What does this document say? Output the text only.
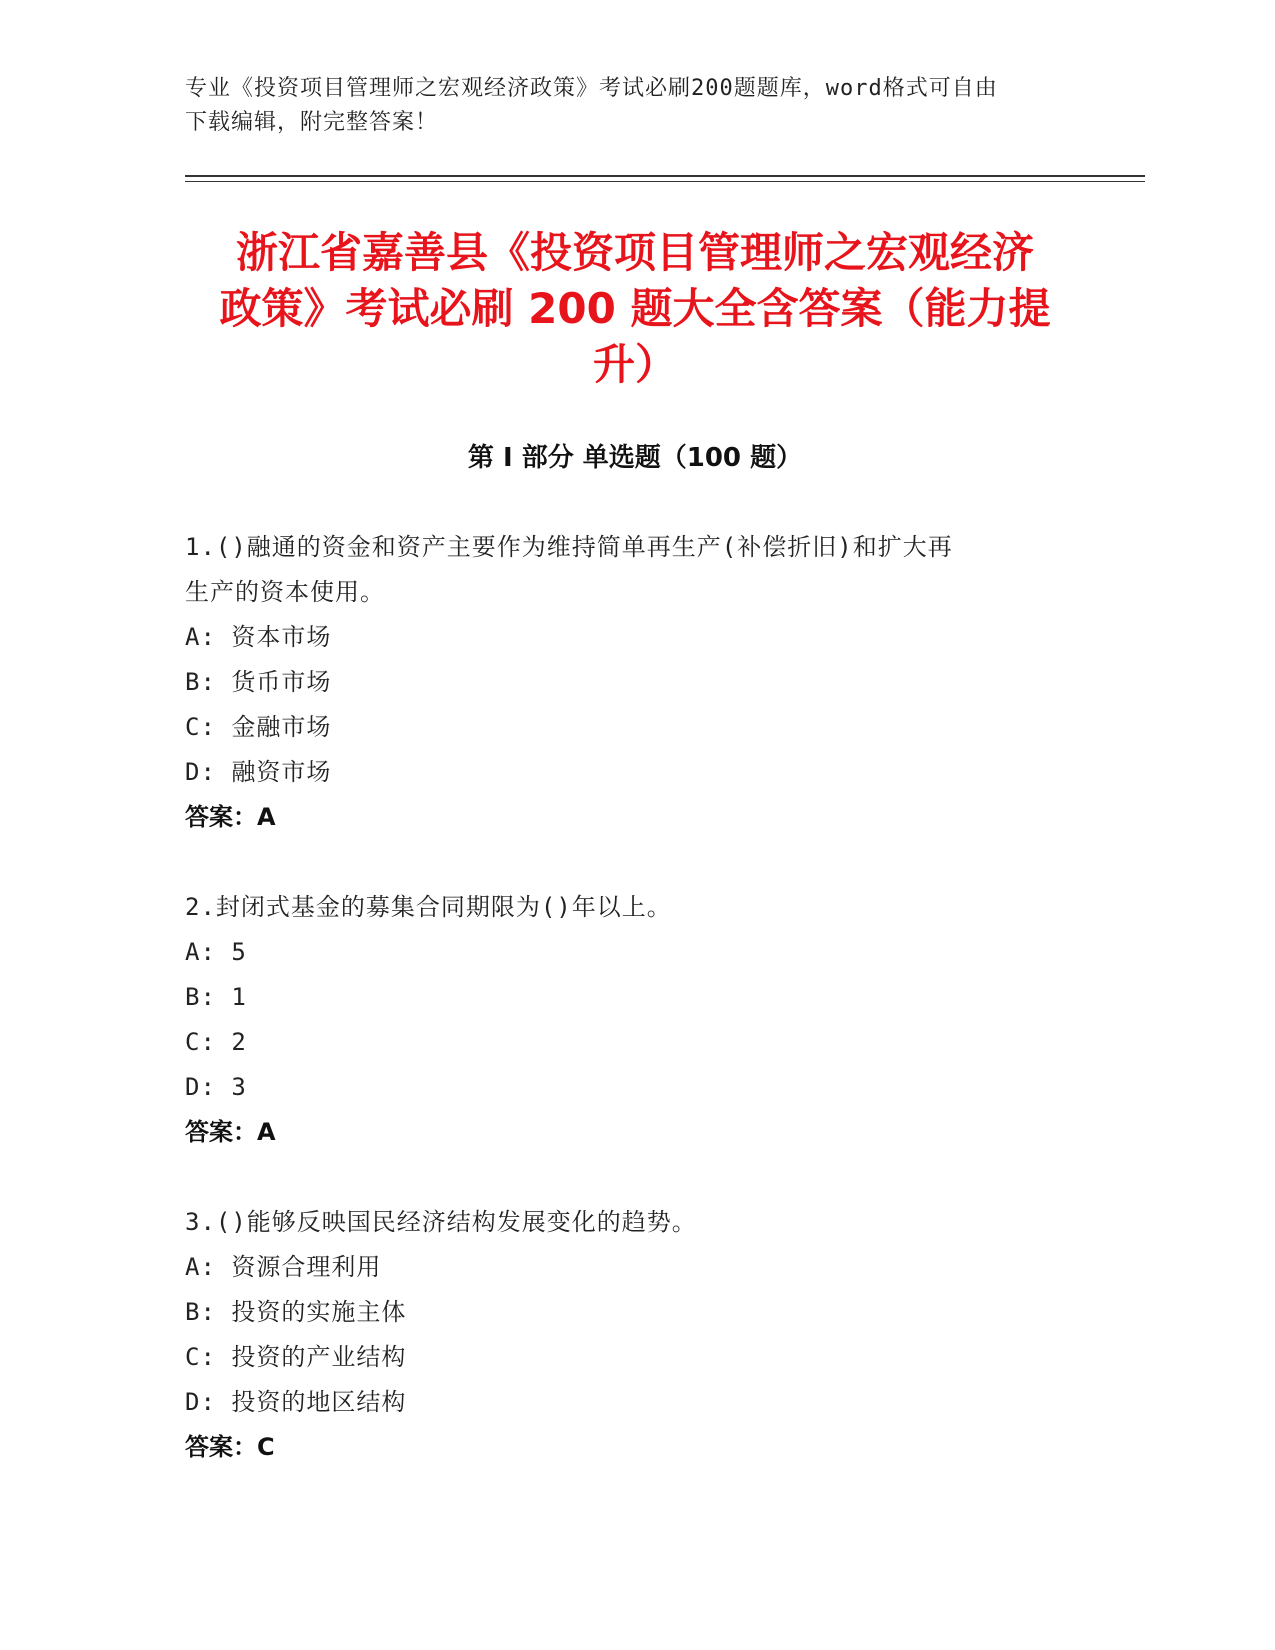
专业《投资项目管理师之宏观经济政策》考试必刷200题题库，word格式可自由
下载编辑，附完整答案！
浙江省嘉善县《投资项目管理师之宏观经济
政策》考试必刷 200 题大全含答案（能力提
升）
第 I 部分 单选题（100 题）
1.()融通的资金和资产主要作为维持简单再生产(补偿折旧)和扩大再
生产的资本使用。
A: 资本市场
B: 货币市场
C: 金融市场
D: 融资市场
答案：A
2.封闭式基金的募集合同期限为()年以上。
A: 5
B: 1
C: 2
D: 3
答案：A
3.()能够反映国民经济结构发展变化的趋势。
A: 资源合理利用
B: 投资的实施主体
C: 投资的产业结构
D: 投资的地区结构
答案：C
